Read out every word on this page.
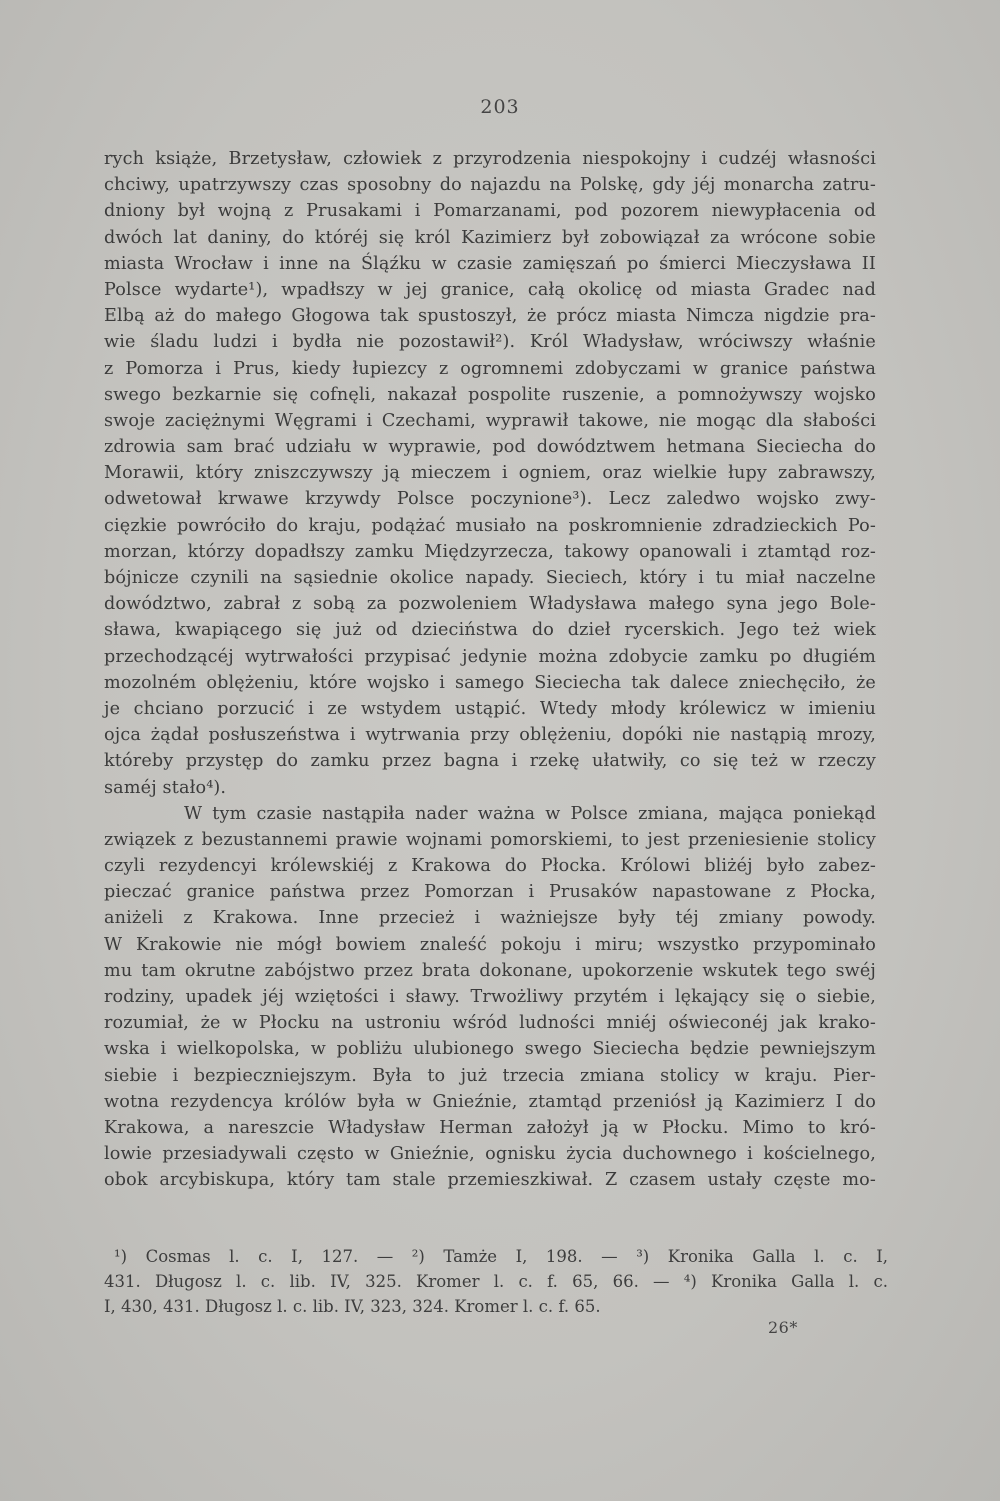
203
rych książe, Brzetysław, człowiek z przyrodzenia niespokojny i cudzéj własności
chciwy, upatrzywszy czas sposobny do najazdu na Polskę, gdy jéj monarcha zatru-
dniony był wojną z Prusakami i Pomarzanami, pod pozorem niewypłacenia od
dwóch lat daniny, do któréj się król Kazimierz był zobowiązał za wrócone sobie
miasta Wrocław i inne na Śląźku w czasie zamięszań po śmierci Mieczysława II
Polsce wydarte¹), wpadłszy w jej granice, całą okolicę od miasta Gradec nad
Elbą aż do małego Głogowa tak spustoszył, że prócz miasta Nimcza nigdzie pra-
wie śladu ludzi i bydła nie pozostawił²). Król Władysław, wróciwszy właśnie
z Pomorza i Prus, kiedy łupiezcy z ogromnemi zdobyczami w granice państwa
swego bezkarnie się cofnęli, nakazał pospolite ruszenie, a pomnożywszy wojsko
swoje zaciężnymi Węgrami i Czechami, wyprawił takowe, nie mogąc dla słabości
zdrowia sam brać udziału w wyprawie, pod dowództwem hetmana Sieciecha do
Morawii, który zniszczywszy ją mieczem i ogniem, oraz wielkie łupy zabrawszy,
odwetował krwawe krzywdy Polsce poczynione³). Lecz zaledwo wojsko zwy-
cięzkie powróciło do kraju, podążać musiało na poskromnienie zdradzieckich Po-
morzan, którzy dopadłszy zamku Międzyrzecza, takowy opanowali i ztamtąd roz-
bójnicze czynili na sąsiednie okolice napady. Sieciech, który i tu miał naczelne
dowództwo, zabrał z sobą za pozwoleniem Władysława małego syna jego Bole-
sława, kwapiącego się już od dzieciństwa do dzieł rycerskich. Jego też wiek
przechodzącéj wytrwałości przypisać jedynie można zdobycie zamku po długiém
mozolném oblężeniu, które wojsko i samego Sieciecha tak dalece zniechęciło, że
je chciano porzucić i ze wstydem ustąpić. Wtedy młody królewicz w imieniu
ojca żądał posłuszeństwa i wytrwania przy oblężeniu, dopóki nie nastąpią mrozy,
któreby przystęp do zamku przez bagna i rzekę ułatwiły, co się też w rzeczy
saméj stało⁴).
W tym czasie nastąpiła nader ważna w Polsce zmiana, mająca poniekąd
związek z bezustannemi prawie wojnami pomorskiemi, to jest przeniesienie stolicy
czyli rezydencyi królewskiéj z Krakowa do Płocka. Królowi bliżéj było zabez-
pieczać granice państwa przez Pomorzan i Prusaków napastowane z Płocka,
aniżeli z Krakowa. Inne przecież i ważniejsze były téj zmiany powody.
W Krakowie nie mógł bowiem znaleść pokoju i miru; wszystko przypominało
mu tam okrutne zabójstwo przez brata dokonane, upokorzenie wskutek tego swéj
rodziny, upadek jéj wziętości i sławy. Trwożliwy przytém i lękający się o siebie,
rozumiał, że w Płocku na ustroniu wśród ludności mniéj oświeconéj jak krako-
wska i wielkopolska, w pobliżu ulubionego swego Sieciecha będzie pewniejszym
siebie i bezpieczniejszym. Była to już trzecia zmiana stolicy w kraju. Pier-
wotna rezydencya królów była w Gnieźnie, ztamtąd przeniósł ją Kazimierz I do
Krakowa, a nareszcie Władysław Herman założył ją w Płocku. Mimo to kró-
lowie przesiadywali często w Gnieźnie, ognisku życia duchownego i kościelnego,
obok arcybiskupa, który tam stale przemieszkiwał. Z czasem ustały częste mo-
¹) Cosmas l. c. I, 127. — ²) Tamże I, 198. — ³) Kronika Galla l. c. I,
431. Długosz l. c. lib. IV, 325. Kromer l. c. f. 65, 66. — ⁴) Kronika Galla l. c.
I, 430, 431. Długosz l. c. lib. IV, 323, 324. Kromer l. c. f. 65.
26*
